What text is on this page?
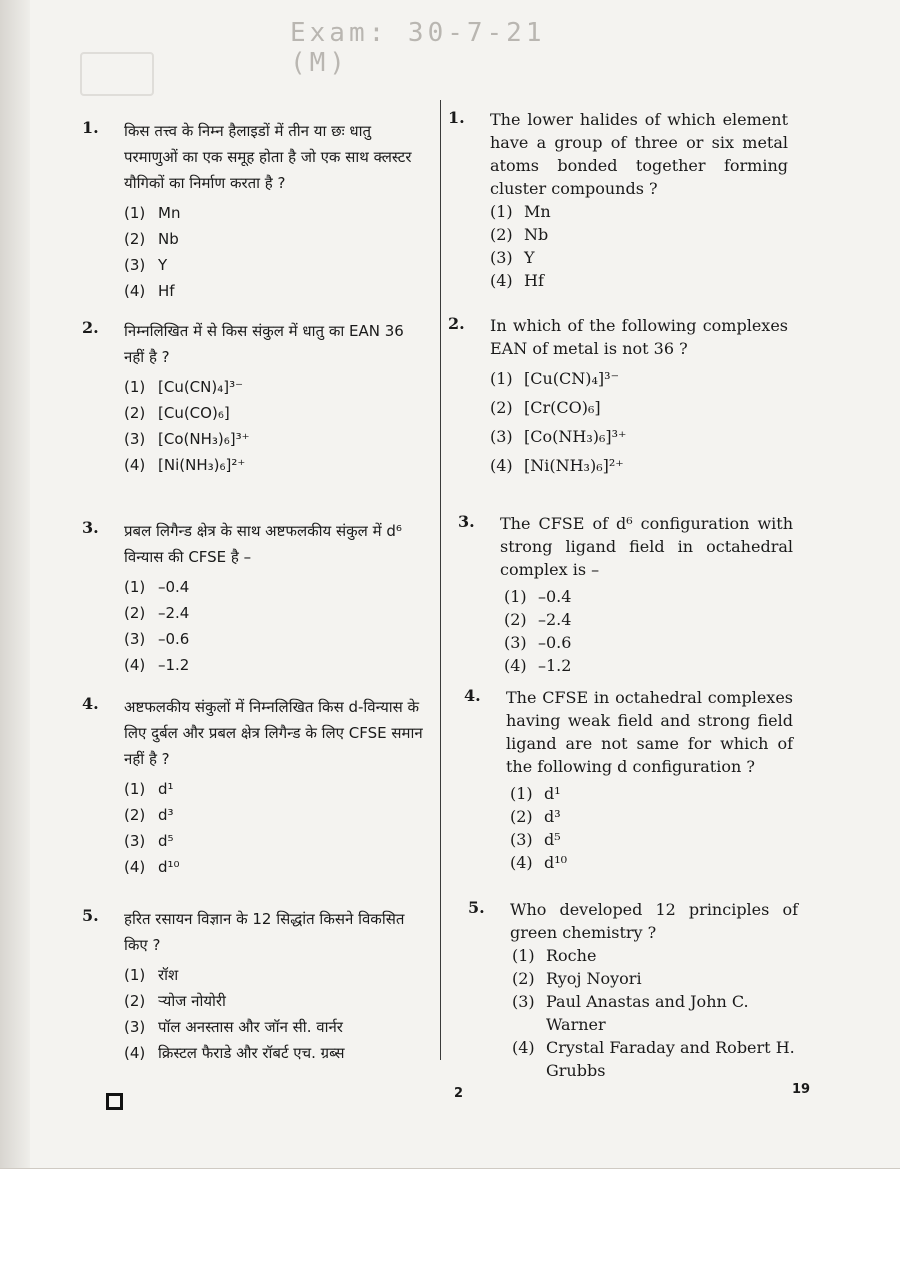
Exam: 30-7-21 (M)
1.	किस तत्त्व के निम्न हैलाइडों में तीन या छः धातु परमाणुओं का एक समूह होता है जो एक साथ क्लस्टर यौगिकों का निर्माण करता है ?
(1) Mn
(2) Nb
(3) Y
(4) Hf
2.	निम्नलिखित में से किस संकुल में धातु का EAN 36 नहीं है ?
(1) [Cu(CN)₄]³⁻
(2) [Cu(CO)₆]
(3) [Co(NH₃)₆]³⁺
(4) [Ni(NH₃)₆]²⁺
3.	प्रबल लिगैन्ड क्षेत्र के साथ अष्टफलकीय संकुल में d⁶ विन्यास की CFSE है –
(1) –0.4
(2) –2.4
(3) –0.6
(4) –1.2
4.	अष्टफलकीय संकुलों में निम्नलिखित किस d-विन्यास के लिए दुर्बल और प्रबल क्षेत्र लिगैन्ड के लिए CFSE समान नहीं है ?
(1) d¹
(2) d³
(3) d⁵
(4) d¹⁰
5.	हरित रसायन विज्ञान के 12 सिद्धांत किसने विकसित किए ?
(1) रॉश
(2) र्‍योज नोयोरी
(3) पॉल अनस्तास और जॉन सी. वार्नर
(4) क्रिस्टल फैराडे और रॉबर्ट एच. ग्रब्स
1.	The lower halides of which element have a group of three or six metal atoms bonded together forming cluster compounds ?
(1) Mn
(2) Nb
(3) Y
(4) Hf
2.	In which of the following complexes EAN of metal is not 36 ?
(1) [Cu(CN)₄]³⁻
(2) [Cr(CO)₆]
(3) [Co(NH₃)₆]³⁺
(4) [Ni(NH₃)₆]²⁺
3.	The CFSE of d⁶ configuration with strong ligand field in octahedral complex is –
(1) –0.4
(2) –2.4
(3) –0.6
(4) –1.2
4.	The CFSE in octahedral complexes having weak field and strong field ligand are not same for which of the following d configuration ?
(1) d¹
(2) d³
(3) d⁵
(4) d¹⁰
5.	Who developed 12 principles of green chemistry ?
(1) Roche
(2) Ryoj Noyori
(3) Paul Anastas and John C. Warner
(4) Crystal Faraday and Robert H. Grubbs
2	19
